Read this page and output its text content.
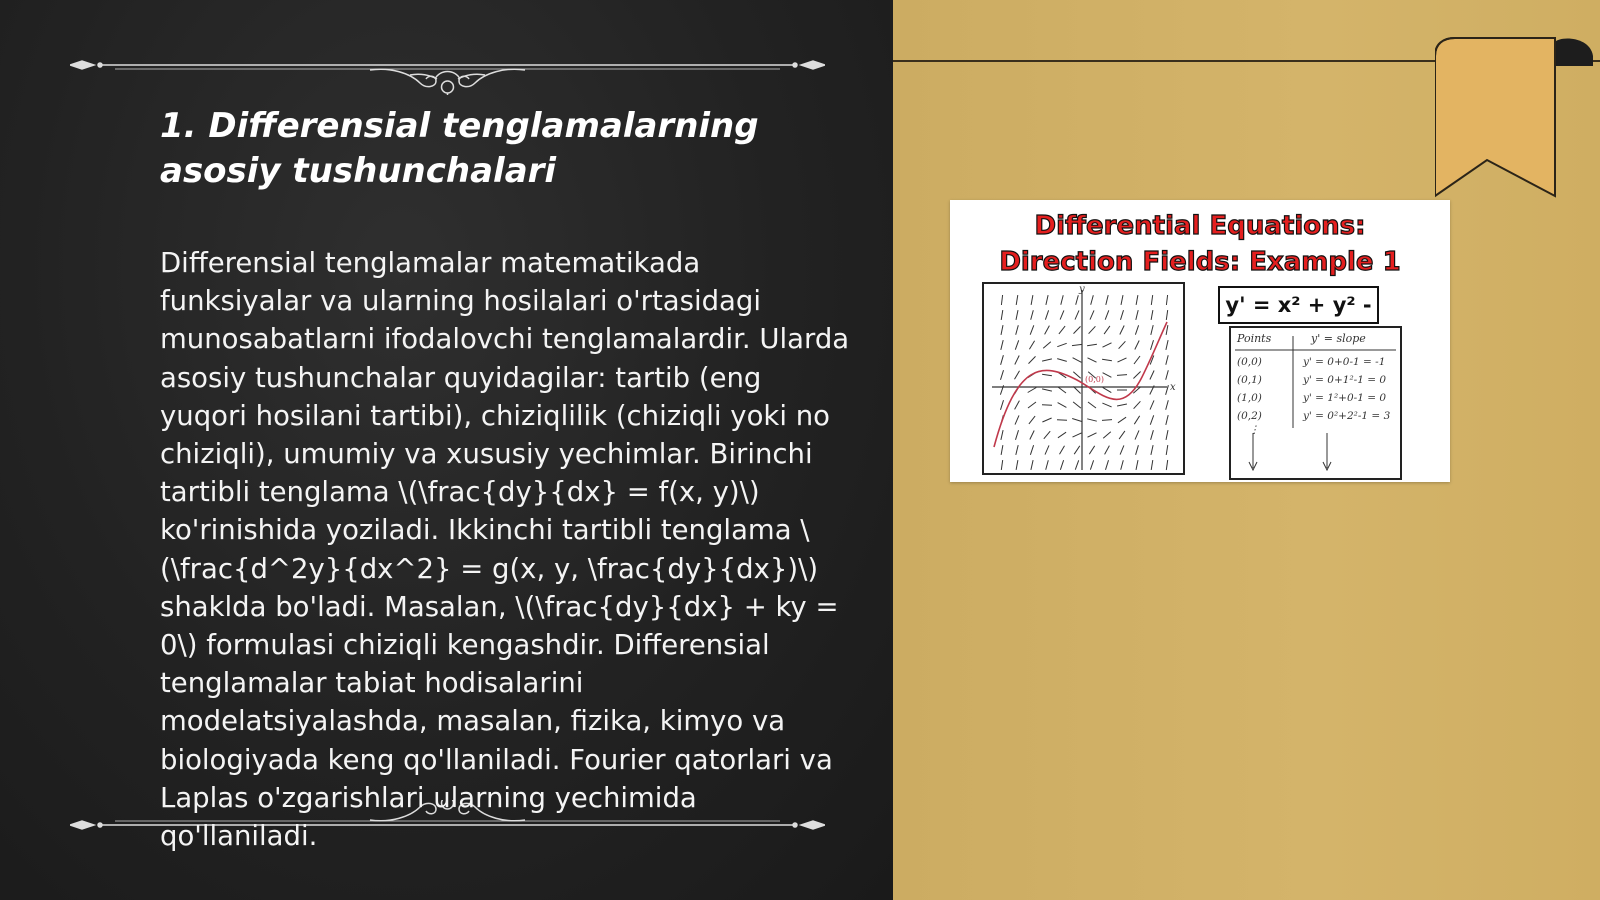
1. Differensial tenglamalarning asosiy tushunchalari

Differensial tenglamalar matematikada funksiyalar va ularning hosilalari o'rtasidagi munosabatlarni ifodalovchi tenglamalardir. Ularda asosiy tushunchalar quyidagilar: tartib (eng yuqori hosilani tartibi), chiziqlilik (chiziqli yoki no chiziqli), umumiy va xususiy yechimlar. Birinchi tartibli tenglama \(\frac{dy}{dx} = f(x, y)\) ko'rinishida yoziladi. Ikkinchi tartibli tenglama \(\frac{d^2y}{dx^2} = g(x, y, \frac{dy}{dx})\) shaklda bo'ladi. Masalan, \(\frac{dy}{dx} + ky = 0\) formulasi chiziqli kengashdir. Differensial tenglamalar tabiat hodisalarini modelatsiyalashda, masalan, fizika, kimyo va biologiyada keng qo'llaniladi. Fourier qatorlari va Laplas o'zgarishlari ularning yechimida qo'llaniladi.

Differential Equations:
Direction Fields: Example 1
x
y
(0,0)
y' = x² + y² -
Points	y' = slope
(0,0)	y' = 0+0-1 = -1
(0,1)	y' = 0+1²-1 = 0
(1,0)	y' = 1²+0-1 = 0
(0,2)	y' = 0²+2²-1 = 3
⋮
